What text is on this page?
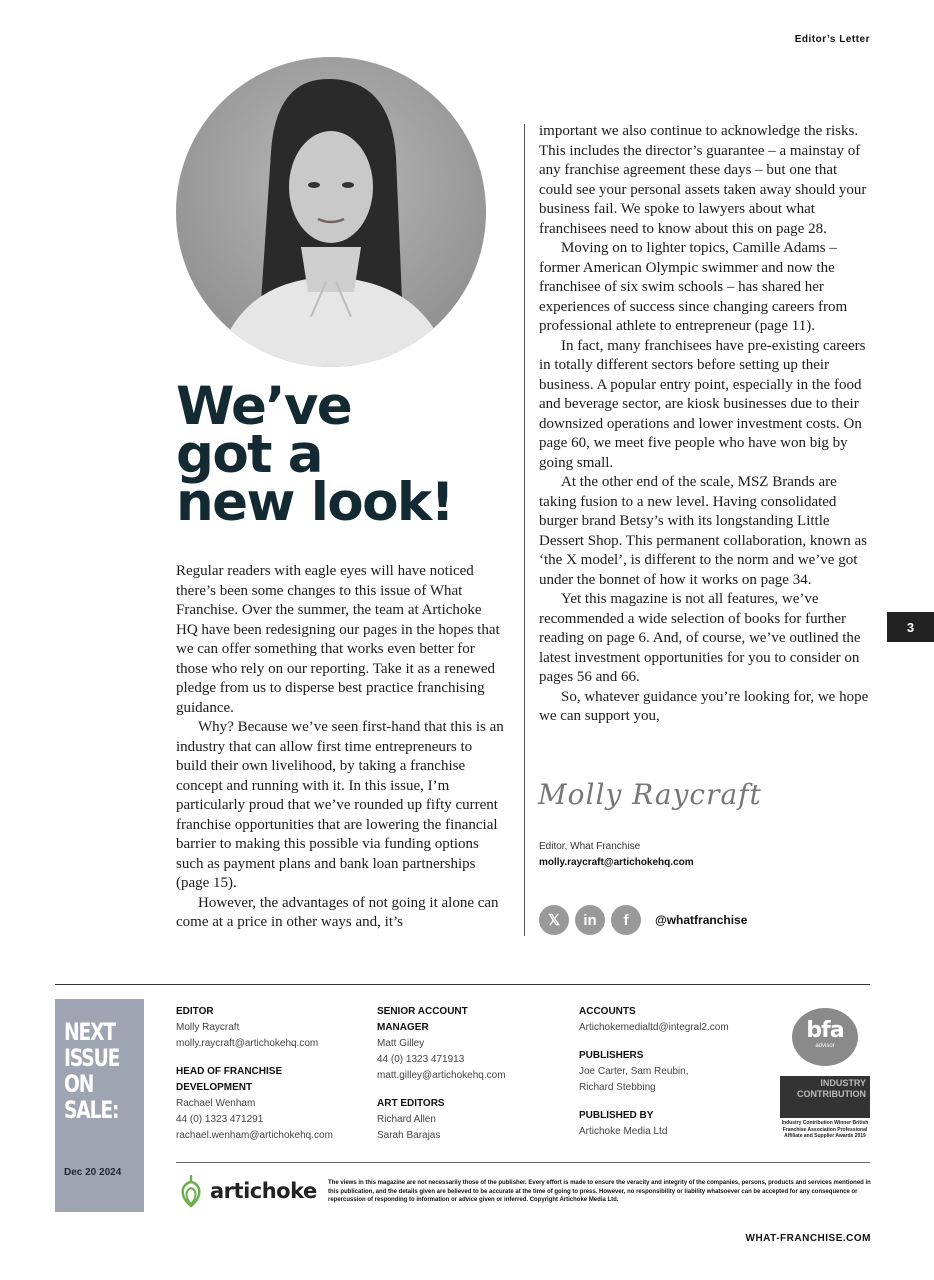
Editor’s Letter
We’ve
got a
new look!

Regular readers with eagle eyes will have noticed there’s been some changes to this issue of What Franchise. Over the summer, the team at Artichoke HQ have been redesigning our pages in the hopes that we can offer something that works even better for those who rely on our reporting. Take it as a renewed pledge from us to disperse best practice franchising guidance.

Why? Because we’ve seen first-hand that this is an industry that can allow first time entrepreneurs to build their own livelihood, by taking a franchise concept and running with it. In this issue, I’m particularly proud that we’ve rounded up fifty current franchise opportunities that are lowering the financial barrier to making this possible via funding options such as payment plans and bank loan partnerships (page 15).

However, the advantages of not going it alone can come at a price in other ways and, it’s

important we also continue to acknowledge the risks. This includes the director’s guarantee – a mainstay of any franchise agreement these days – but one that could see your personal assets taken away should your business fail. We spoke to lawyers about what franchisees need to know about this on page 28.

Moving on to lighter topics, Camille Adams – former American Olympic swimmer and now the franchisee of six swim schools – has shared her experiences of success since changing careers from professional athlete to entrepreneur (page 11).

In fact, many franchisees have pre-existing careers in totally different sectors before setting up their business. A popular entry point, especially in the food and beverage sector, are kiosk businesses due to their downsized operations and lower investment costs. On page 60, we meet five people who have won big by going small.

At the other end of the scale, MSZ Brands are taking fusion to a new level. Having consolidated burger brand Betsy’s with its longstanding Little Dessert Shop. This permanent collaboration, known as ‘the X model’, is different to the norm and we’ve got under the bonnet of how it works on page 34.

Yet this magazine is not all features, we’ve recommended a wide selection of books for further reading on page 6. And, of course, we’ve outlined the latest investment opportunities for you to consider on pages 56 and 66.

So, whatever guidance you’re looking for, we hope we can support you,

Molly Raycraft
Editor, What Franchise
molly.raycraft@artichokehq.com
𝕏	in	f	@whatfranchise
3
NEXT
ISSUE
ON
SALE:
Dec 20 2024
EDITOR
Molly Raycraft
molly.raycraft@artichokehq.com
HEAD OF FRANCHISE
DEVELOPMENT
Rachael Wenham
44 (0) 1323 471291
rachael.wenham@artichokehq.com
SENIOR ACCOUNT
MANAGER
Matt Gilley
44 (0) 1323 471913
matt.gilley@artichokehq.com
ART EDITORS
Richard Allen
Sarah Barajas
ACCOUNTS
Artichokemedialtd@integral2.com
PUBLISHERS
Joe Carter, Sam Reubin,
Richard Stebbing
PUBLISHED BY
Artichoke Media Ltd
bfa
advisor
INDUSTRY CONTRIBUTION
Industry Contribution Winner British Franchise Association Professional Affiliate and Supplier Awards 2019
artichoke The views in this magazine are not necessarily those of the publisher. Every effort is made to ensure the veracity and integrity of the companies, persons, products and services mentioned in this publication, and the details given are believed to be accurate at the time of going to press. However, no responsibility or liability whatsoever can be accepted for any consequence or repercussion of responding to information or advice given or inferred. Copyright Artichoke Media Ltd.
WHAT-FRANCHISE.COM
